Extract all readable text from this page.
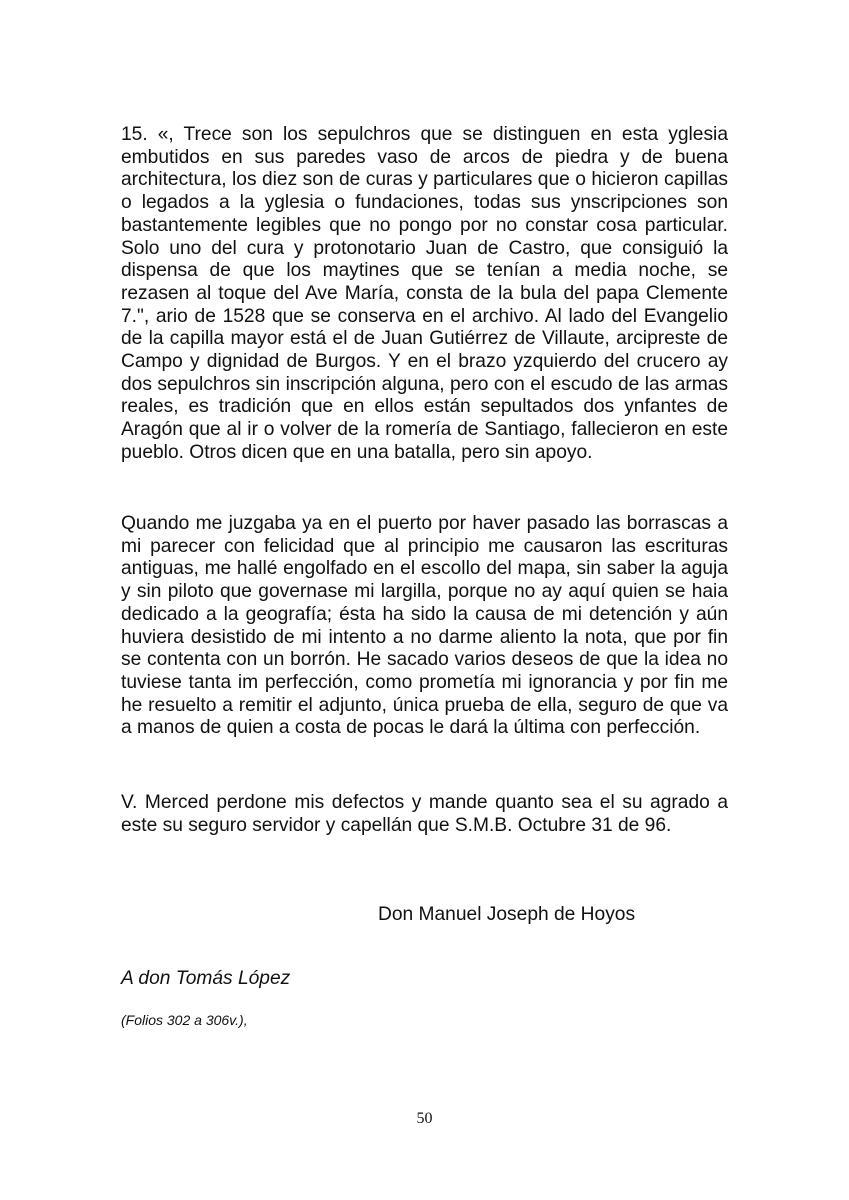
15. «, Trece son los sepulchros que se distinguen en esta yglesia embutidos en sus paredes vaso de arcos de piedra y de buena architectura, los diez son de curas y particulares que o hicieron capillas o legados a la yglesia o fundaciones, todas sus ynscripciones son bastantemente legibles que no pongo por no constar cosa particular. Solo uno del cura y protonotario Juan de Castro, que consiguió la dispensa de que los maytines que se tenían a media noche, se rezasen al toque del Ave María, consta de la bula del papa Clemente 7.", ario de 1528 que se conserva en el archivo. Al lado del Evangelio de la capilla mayor está el de Juan Gutiérrez de Villaute, arcipreste de Campo y dignidad de Burgos. Y en el brazo yzquierdo del crucero ay dos sepulchros sin inscripción alguna, pero con el escudo de las armas reales, es tradición que en ellos están sepultados dos ynfantes de Aragón que al ir o volver de la romería de Santiago, fallecieron en este pueblo. Otros dicen que en una batalla, pero sin apoyo.

Quando me juzgaba ya en el puerto por haver pasado las borrascas a mi parecer con felicidad que al principio me causaron las escrituras antiguas, me hallé engolfado en el escollo del mapa, sin saber la aguja y sin piloto que governase mi largilla, porque no ay aquí quien se haia dedicado a la geografía; ésta ha sido la causa de mi detención y aún huviera desistido de mi intento a no darme aliento la nota, que por fin se contenta con un borrón. He sacado varios deseos de que la idea no tuviese tanta im perfección, como prometía mi ignorancia y por fin me he resuelto a remitir el adjunto, única prueba de ella, seguro de que va a manos de quien a costa de pocas le dará la última con perfección.

V. Merced perdone mis defectos y mande quanto sea el su agrado a este su seguro servidor y capellán que S.M.B. Octubre 31 de 96.

Don Manuel Joseph de Hoyos

A don Tomás López

(Folios 302 a 306v.),

50
